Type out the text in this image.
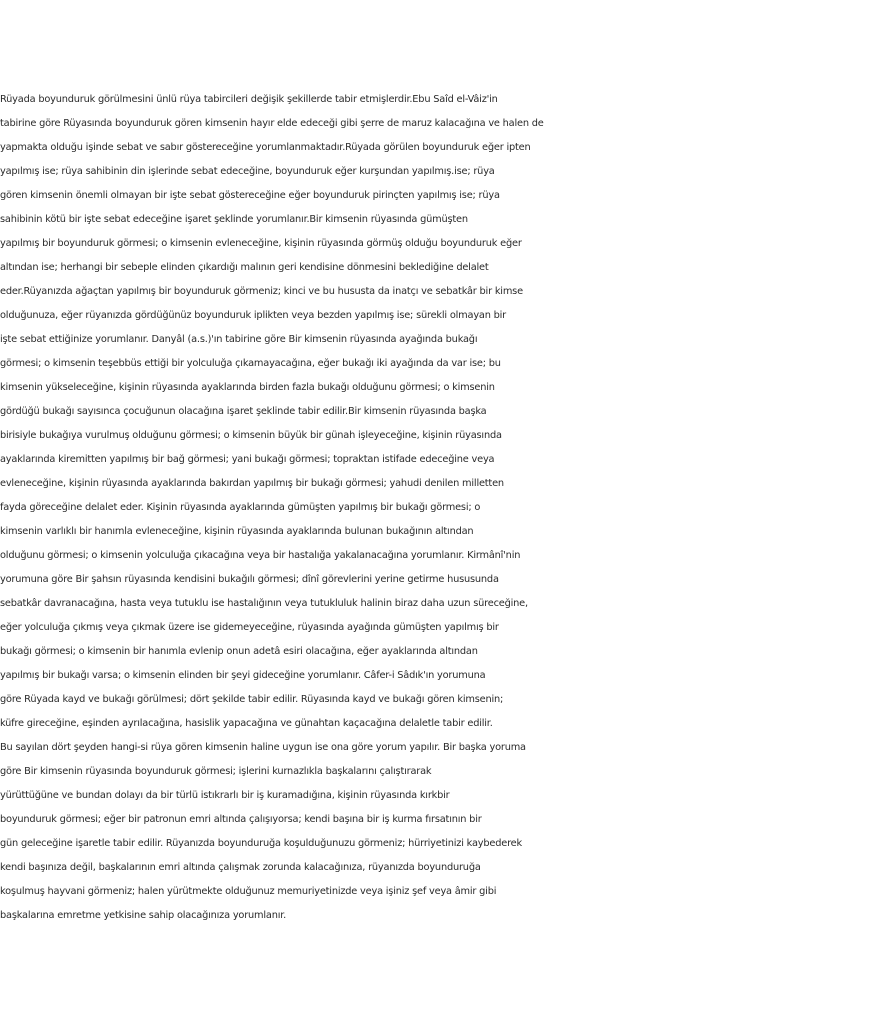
Rüyada boyunduruk görülmesini ünlü rüya tabircileri değişik şekillerde tabir etmişlerdir.Ebu Saîd el-Vâiz'in
tabirine göre Rüyasında boyunduruk gören kimsenin hayır elde edeceği gibi şerre de maruz kalacağına ve halen de
yapmakta olduğu işinde sebat ve sabır göstereceğine yorumlanmaktadır.Rüyada görülen boyunduruk eğer ipten
yapılmış ise; rüya sahibinin din işlerinde sebat edeceğine, boyunduruk eğer kurşundan yapılmış.ise; rüya
gören kimsenin önemli olmayan bir işte sebat göstereceğine eğer boyunduruk pirinçten yapılmış ise; rüya
sahibinin kötü bir işte sebat edeceğine işaret şeklinde yorumlanır.Bir kimsenin rüyasında gümüşten
yapılmış bir boyunduruk görmesi; o kimsenin evleneceğine, kişinin rüyasında görmüş olduğu boyunduruk eğer
altından ise; herhangi bir sebeple elinden çıkardığı malının geri kendisine dönmesini beklediğine delalet
eder.Rüyanızda ağaçtan yapılmış bir boyunduruk görmeniz; kinci ve bu hususta da inatçı ve sebatkâr bir kimse
olduğunuza, eğer rüyanızda gördüğünüz boyunduruk iplikten veya bezden yapılmış ise; sürekli olmayan bir
işte sebat ettiğinize yorumlanır. Danyâl (a.s.)'ın tabirine göre Bir kimsenin rüyasında ayağında bukağı
görmesi; o kimsenin teşebbüs ettiği bir yolculuğa çıkamayacağına, eğer bukağı iki ayağında da var ise; bu
kimsenin yükseleceğine, kişinin rüyasında ayaklarında birden fazla bukağı olduğunu görmesi; o kimsenin
gördüğü bukağı sayısınca çocuğunun olacağına işaret şeklinde tabir edilir.Bir kimsenin rüyasında başka
birisiyle bukağıya vurulmuş olduğunu görmesi; o kimsenin büyük bir günah işleyeceğine, kişinin rüyasında
ayaklarında kiremitten yapılmış bir bağ görmesi; yani bukağı görmesi; topraktan istifade edeceğine veya
evleneceğine, kişinin rüyasında ayaklarında bakırdan yapılmış bir bukağı görmesi; yahudi denilen milletten
fayda göreceğine delalet eder. Kişinin rüyasında ayaklarında gümüşten yapılmış bir bukağı görmesi; o
kimsenin varlıklı bir hanımla evleneceğine, kişinin rüyasında ayaklarında bulunan bukağının altından
olduğunu görmesi; o kimsenin yolculuğa çıkacağına veya bir hastalığa yakalanacağına yorumlanır. Kirmânî'nin
yorumuna göre Bir şahsın rüyasında kendisini bukağılı görmesi; dînî görevlerini yerine getirme hususunda
sebatkâr davranacağına, hasta veya tutuklu ise hastalığının veya tutukluluk halinin biraz daha uzun süreceğine,
eğer yolculuğa çıkmış veya çıkmak üzere ise gidemeyeceğine, rüyasında ayağında gümüşten yapılmış bir
bukağı görmesi; o kimsenin bir hanımla evlenip onun adetâ esiri olacağına, eğer ayaklarında altından
yapılmış bir bukağı varsa; o kimsenin elinden bir şeyi gideceğine yorumlanır. Câfer-i Sâdık'ın yorumuna
göre Rüyada kayd ve bukağı görülmesi; dört şekilde tabir edilir. Rüyasında kayd ve bukağı gören kimsenin;
küfre gireceğine, eşinden ayrılacağına, hasislik yapacağına ve günahtan kaçacağına delaletle tabir edilir.
Bu sayılan dört şeyden hangi-si rüya gören kimsenin haline uygun ise ona göre yorum yapılır. Bir başka yoruma
göre Bir kimsenin rüyasında boyunduruk görmesi; işlerini kurnazlıkla başkalarını çalıştırarak
yürüttüğüne ve bundan dolayı da bir türlü istıkrarlı bir iş kuramadığına, kişinin rüyasında kırkbir
boyunduruk görmesi; eğer bir patronun emri altında çalışıyorsa; kendi başına bir iş kurma fırsatının bir
gün geleceğine işaretle tabir edilir. Rüyanızda boyunduruğa koşulduğunuzu görmeniz; hürriyetinizi kaybederek
kendi başınıza değil, başkalarının emri altında çalışmak zorunda kalacağınıza, rüyanızda boyunduruğa
koşulmuş hayvani görmeniz; halen yürütmekte olduğunuz memuriyetinizde veya işiniz şef veya âmir gibi
başkalarına emretme yetkisine sahip olacağınıza yorumlanır.
